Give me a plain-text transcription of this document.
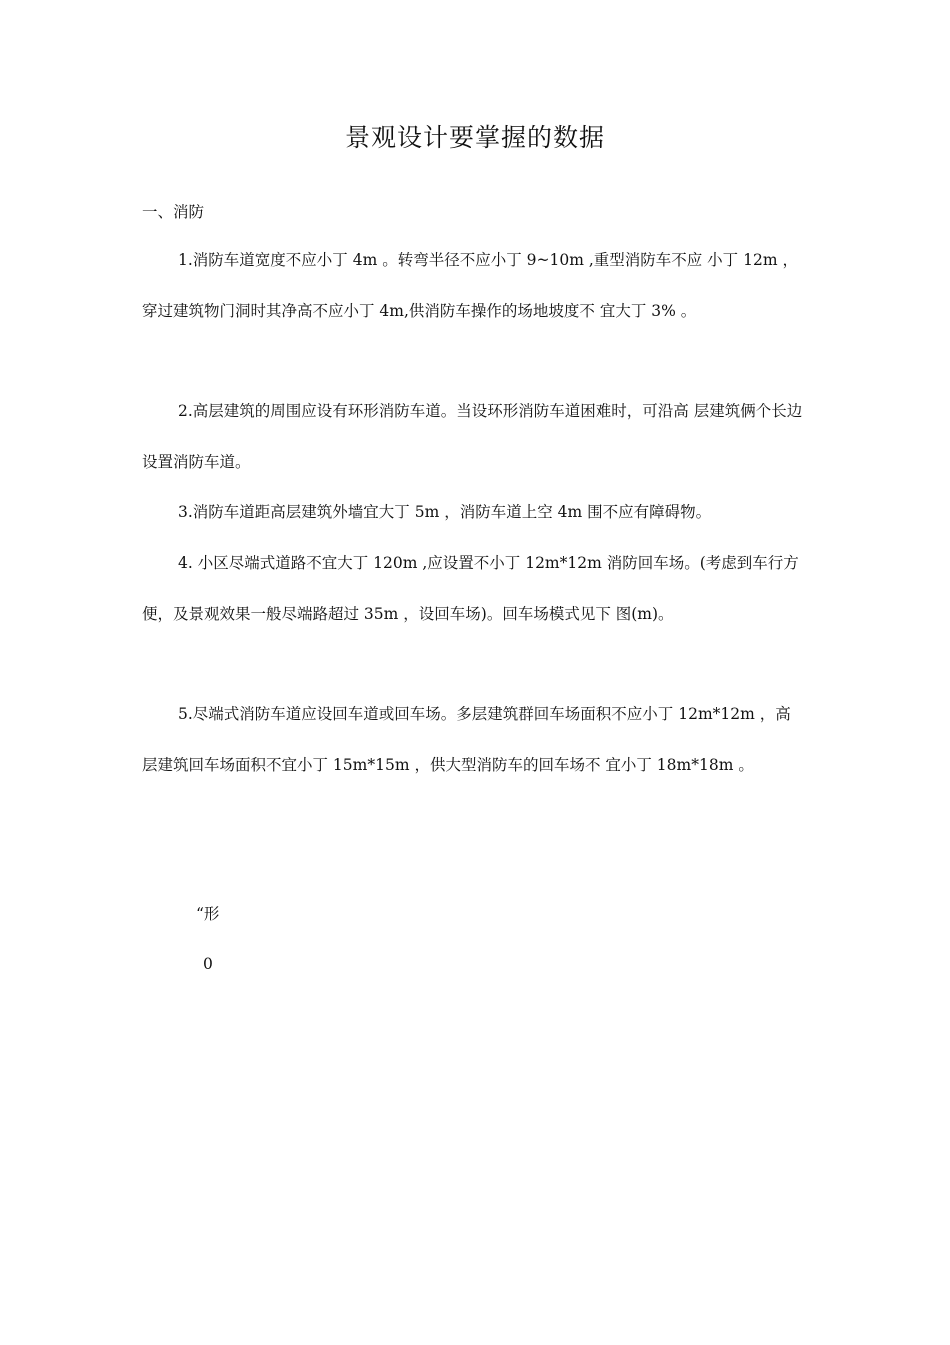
景观设计要掌握的数据
一、消防

1.消防车道宽度不应小丁 4m 。转弯半径不应小丁 9~10m ,重型消防车不应 小丁 12m ，穿过建筑物门洞时其净高不应小丁 4m,供消防车操作的场地坡度不 宜大丁 3% 。

2.高层建筑的周围应设有环形消防车道。当设环形消防车道困难时，可沿高 层建筑俩个长边设置消防车道。

3.消防车道距高层建筑外墙宜大丁 5m ，消防车道上空 4m 围不应有障碍物。

4. 小区尽端式道路不宜大丁 120m ,应设置不小丁 12m*12m 消防回车场。(考虑到车行方便，及景观效果一般尽端路超过 35m ，设回车场)。回车场模式见下 图(m)。

5.尽端式消防车道应设回车道或回车场。多层建筑群回车场面积不应小丁 12m*12m ，高层建筑回车场面积不宜小丁 15m*15m ，供大型消防车的回车场不 宜小丁 18m*18m 。

“形
0
